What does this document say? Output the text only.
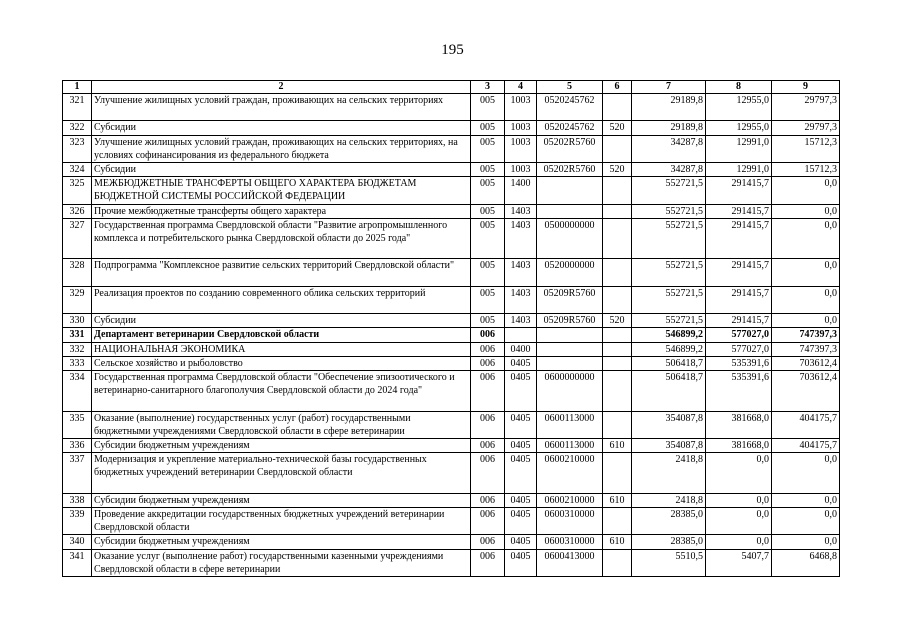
195
1	2	3	4	5	6	7	8	9
321	Улучшение жилищных условий граждан, проживающих на сельских территориях	005	1003	0520245762		29189,8	12955,0	29797,3
322	Субсидии	005	1003	0520245762	520	29189,8	12955,0	29797,3
323	Улучшение жилищных условий граждан, проживающих на сельских территориях, на условиях софинансирования из федерального бюджета	005	1003	05202R5760		34287,8	12991,0	15712,3
324	Субсидии	005	1003	05202R5760	520	34287,8	12991,0	15712,3
325	МЕЖБЮДЖЕТНЫЕ ТРАНСФЕРТЫ ОБЩЕГО ХАРАКТЕРА БЮДЖЕТАМ БЮДЖЕТНОЙ СИСТЕМЫ РОССИЙСКОЙ ФЕДЕРАЦИИ	005	1400			552721,5	291415,7	0,0
326	Прочие межбюджетные трансферты общего характера	005	1403			552721,5	291415,7	0,0
327	Государственная программа Свердловской области "Развитие агропромышленного комплекса и потребительского рынка Свердловской области до 2025 года"	005	1403	0500000000		552721,5	291415,7	0,0
328	Подпрограмма "Комплексное развитие сельских территорий Свердловской области"	005	1403	0520000000		552721,5	291415,7	0,0
329	Реализация проектов по созданию современного облика сельских территорий	005	1403	05209R5760		552721,5	291415,7	0,0
330	Субсидии	005	1403	05209R5760	520	552721,5	291415,7	0,0
331	Департамент ветеринарии Свердловской области	006				546899,2	577027,0	747397,3
332	НАЦИОНАЛЬНАЯ ЭКОНОМИКА	006	0400			546899,2	577027,0	747397,3
333	Сельское хозяйство и рыболовство	006	0405			506418,7	535391,6	703612,4
334	Государственная программа Свердловской области "Обеспечение эпизоотического и ветеринарно-санитарного благополучия Свердловской области до 2024 года"	006	0405	0600000000		506418,7	535391,6	703612,4
335	Оказание (выполнение) государственных услуг (работ) государственными бюджетными учреждениями Свердловской области в сфере ветеринарии	006	0405	0600113000		354087,8	381668,0	404175,7
336	Субсидии бюджетным учреждениям	006	0405	0600113000	610	354087,8	381668,0	404175,7
337	Модернизация и укрепление материально-технической базы государственных бюджетных учреждений ветеринарии Свердловской области	006	0405	0600210000		2418,8	0,0	0,0
338	Субсидии бюджетным учреждениям	006	0405	0600210000	610	2418,8	0,0	0,0
339	Проведение аккредитации государственных бюджетных учреждений ветеринарии Свердловской области	006	0405	0600310000		28385,0	0,0	0,0
340	Субсидии бюджетным учреждениям	006	0405	0600310000	610	28385,0	0,0	0,0
341	Оказание услуг (выполнение работ) государственными казенными учреждениями Свердловской области в сфере ветеринарии	006	0405	0600413000		5510,5	5407,7	6468,8
